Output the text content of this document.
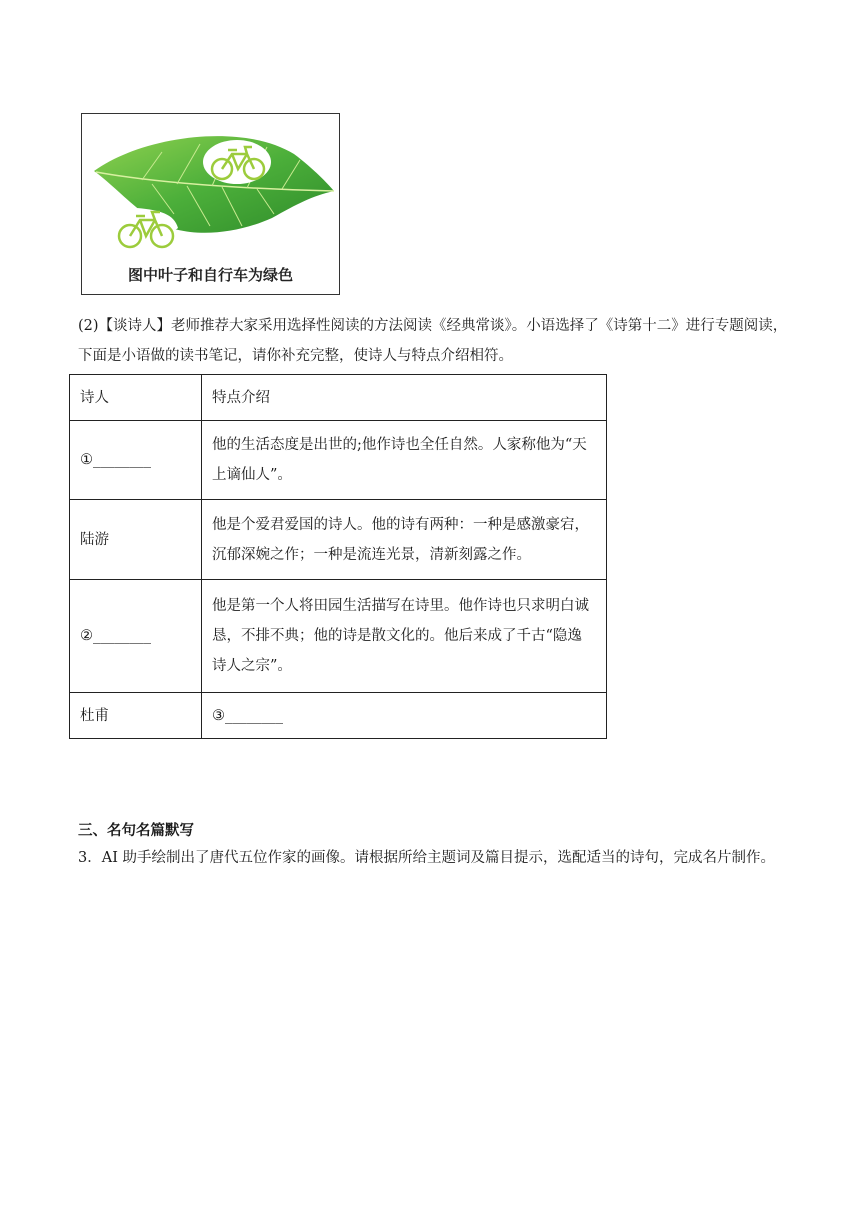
图中叶子和自行车为绿色
(2)【谈诗人】老师推荐大家采用选择性阅读的方法阅读《经典常谈》。小语选择了《诗第十二》进行专题阅读，下面是小语做的读书笔记，请你补充完整，使诗人与特点介绍相符。
诗人	特点介绍
①________	他的生活态度是出世的;他作诗也全任自然。人家称他为“天上谪仙人”。
陆游	他是个爱君爱国的诗人。他的诗有两种：一种是感激豪宕，沉郁深婉之作；一种是流连光景，清新刻露之作。
②________	他是第一个人将田园生活描写在诗里。他作诗也只求明白诚恳，不排不典；他的诗是散文化的。他后来成了千古“隐逸诗人之宗”。
杜甫	③________
三、名句名篇默写
3．AI 助手绘制出了唐代五位作家的画像。请根据所给主题词及篇目提示，选配适当的诗句，完成名片制作。
